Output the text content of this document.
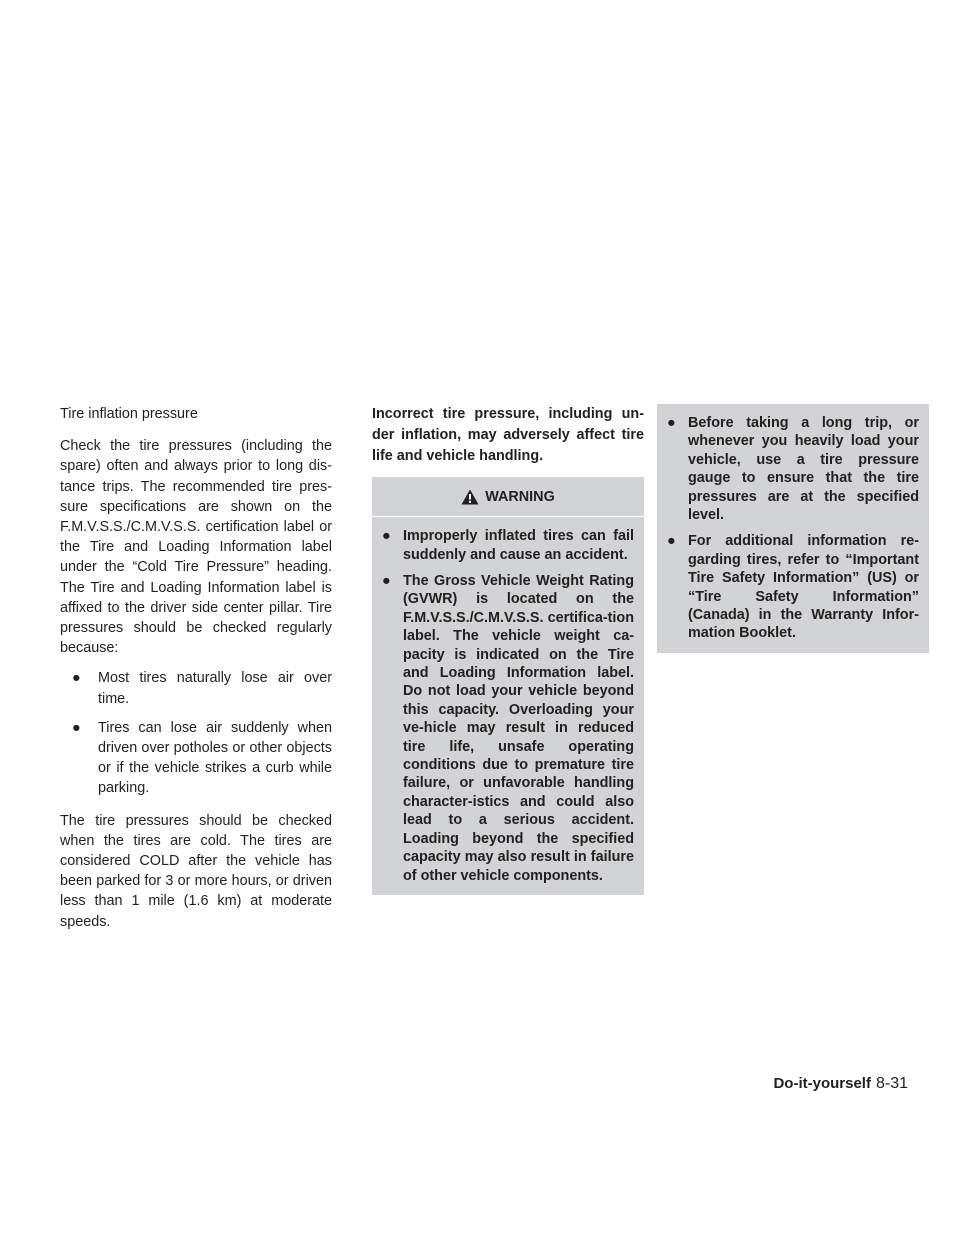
Tire inflation pressure

Check the tire pressures (including the spare) often and always prior to long dis-tance trips. The recommended tire pres-sure specifications are shown on the F.M.V.S.S./C.M.V.S.S. certification label or the Tire and Loading Information label under the “Cold Tire Pressure” heading. The Tire and Loading Information label is affixed to the driver side center pillar. Tire pressures should be checked regularly because:

● Most tires naturally lose air over time.
● Tires can lose air suddenly when driven over potholes or other objects or if the vehicle strikes a curb while parking.

The tire pressures should be checked when the tires are cold. The tires are considered COLD after the vehicle has been parked for 3 or more hours, or driven less than 1 mile (1.6 km) at moderate speeds.

Incorrect tire pressure, including un-der inflation, may adversely affect tire life and vehicle handling.

WARNING
● Improperly inflated tires can fail suddenly and cause an accident.
● The Gross Vehicle Weight Rating (GVWR) is located on the F.M.V.S.S./C.M.V.S.S. certifica-tion label. The vehicle weight ca-pacity is indicated on the Tire and Loading Information label. Do not load your vehicle beyond this capacity. Overloading your ve-hicle may result in reduced tire life, unsafe operating conditions due to premature tire failure, or unfavorable handling character-istics and could also lead to a serious accident. Loading beyond the specified capacity may also result in failure of other vehicle components.
● Before taking a long trip, or whenever you heavily load your vehicle, use a tire pressure gauge to ensure that the tire pressures are at the specified level.
● For additional information re-garding tires, refer to “Important Tire Safety Information” (US) or “Tire Safety Information” (Canada) in the Warranty Infor-mation Booklet.
Do-it-yourself 8-31
